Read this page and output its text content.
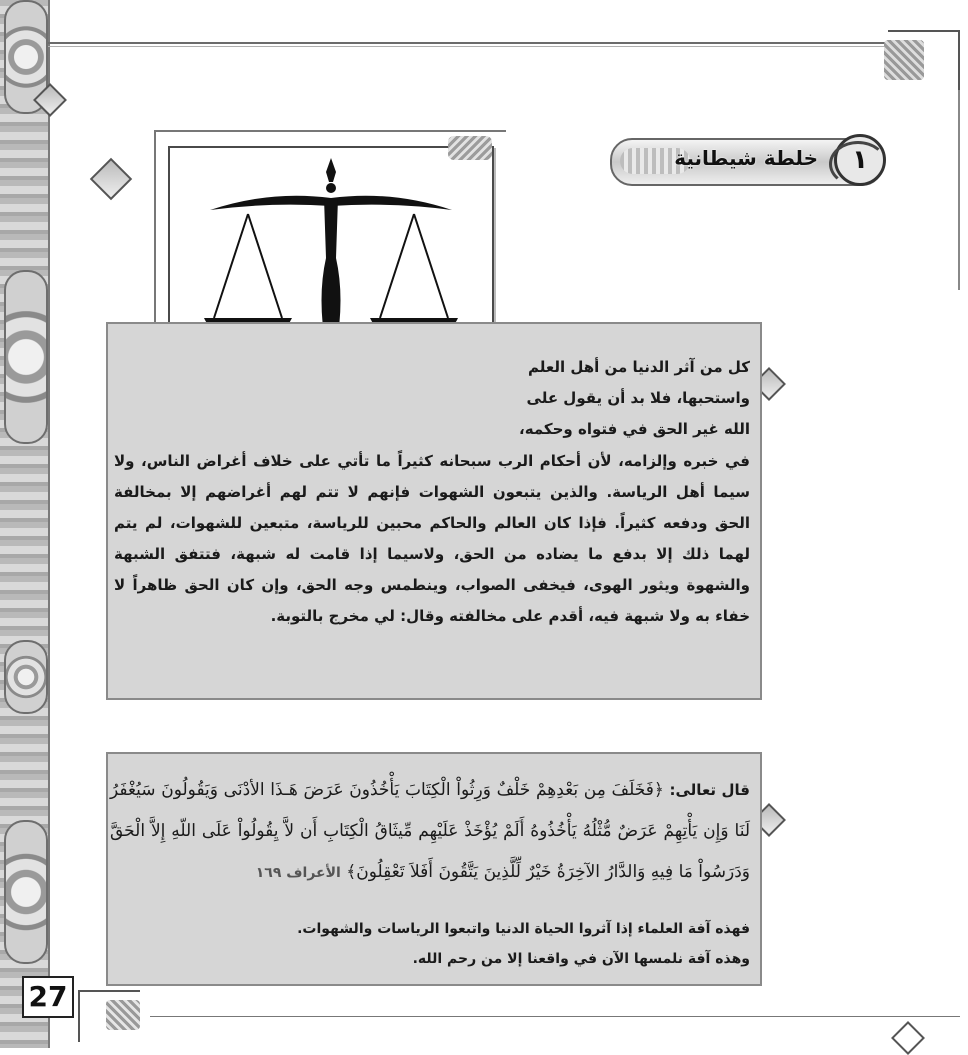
خلطة شيطانية	١
كل من آثر الدنيا من أهل العلم
واستحبها، فلا بد أن يقول على
الله غير الحق في فتواه وحكمه،
في خبره وإلزامه، لأن أحكام الرب سبحانه كثيراً ما تأتي على خلاف أغراض الناس، ولا سيما أهل الرياسة. والذين يتبعون الشهوات فإنهم لا تتم لهم أغراضهم إلا بمخالفة الحق ودفعه كثيراً. فإذا كان العالم والحاكم محبين للرياسة، متبعين للشهوات، لم يتم لهما ذلك إلا بدفع ما يضاده من الحق، ولاسيما إذا قامت له شبهة، فتتفق الشبهة والشهوة ويثور الهوى، فيخفى الصواب، وينطمس وجه الحق، وإن كان الحق ظاهراً لا خفاء به ولا شبهة فيه، أقدم على مخالفته وقال: لي مخرج بالتوبة.
قال تعالى: ﴿فَخَلَفَ مِن بَعْدِهِمْ خَلْفٌ وَرِثُواْ الْكِتَابَ يَأْخُذُونَ عَرَضَ هَـذَا الأدْنَى وَيَقُولُونَ سَيُغْفَرُ لَنَا وَإِن يَأْتِهِمْ عَرَضٌ مُّثْلُهُ يَأْخُذُوهُ أَلَمْ يُؤْخَذْ عَلَيْهِم مِّيثَاقُ الْكِتَابِ أَن لاَّ يِقُولُواْ عَلَى اللّهِ إِلاَّ الْحَقَّ وَدَرَسُواْ مَا فِيهِ وَالدَّارُ الآخِرَةُ خَيْرٌ لِّلَّذِينَ يَتَّقُونَ أَفَلاَ تَعْقِلُونَ﴾ الأعراف ١٦٩
فهذه آفة العلماء إذا آثروا الحياة الدنيا واتبعوا الرياسات والشهوات.
وهذه آفة نلمسها الآن في واقعنا إلا من رحم الله.
27
